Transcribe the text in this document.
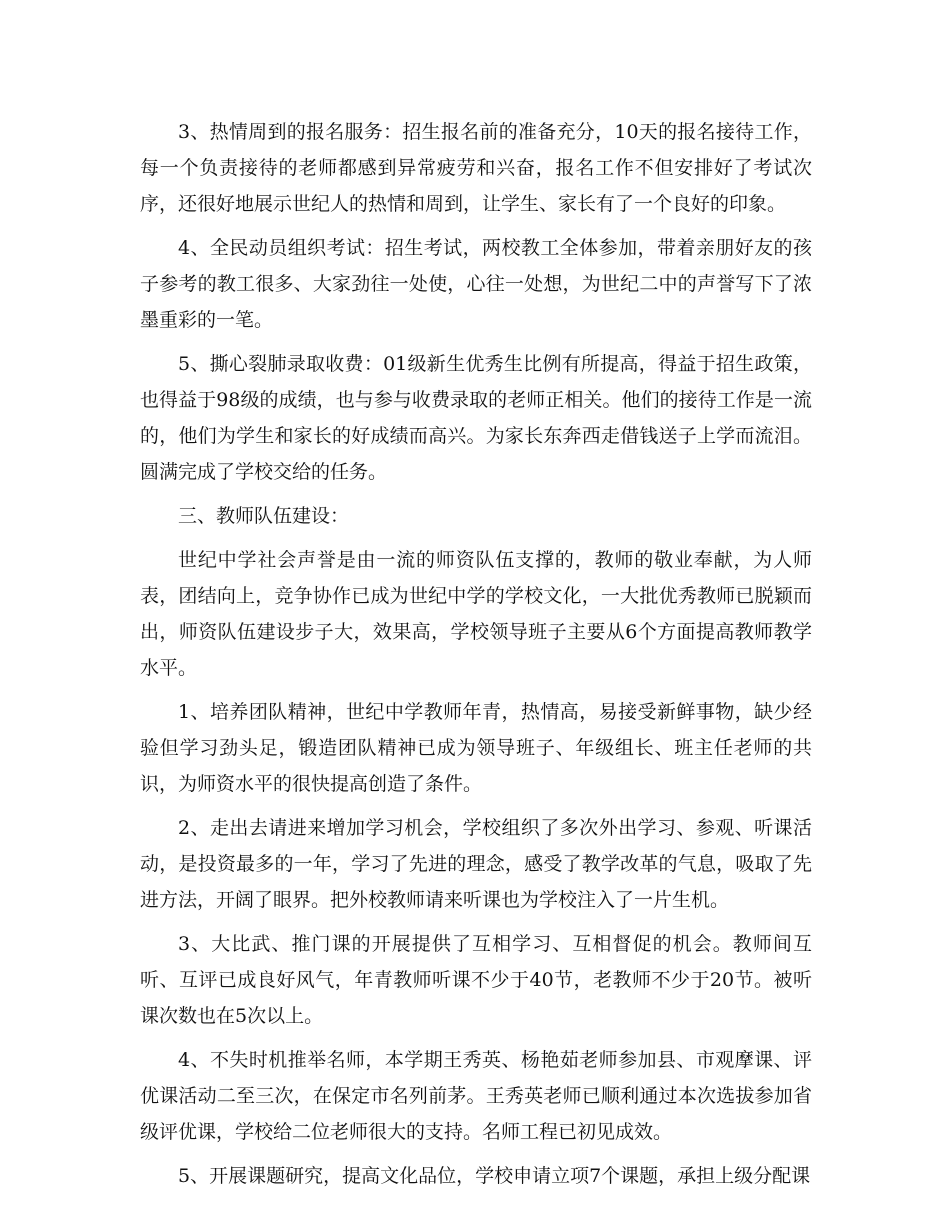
3、热情周到的报名服务：招生报名前的准备充分，10天的报名接待工作，每一个负责接待的老师都感到异常疲劳和兴奋，报名工作不但安排好了考试次序，还很好地展示世纪人的热情和周到，让学生、家长有了一个良好的印象。

4、全民动员组织考试：招生考试，两校教工全体参加，带着亲朋好友的孩子参考的教工很多、大家劲往一处使，心往一处想，为世纪二中的声誉写下了浓墨重彩的一笔。

5、撕心裂肺录取收费：01级新生优秀生比例有所提高，得益于招生政策，也得益于98级的成绩，也与参与收费录取的老师正相关。他们的接待工作是一流的，他们为学生和家长的好成绩而高兴。为家长东奔西走借钱送子上学而流泪。圆满完成了学校交给的任务。

三、教师队伍建设：

世纪中学社会声誉是由一流的师资队伍支撑的，教师的敬业奉献，为人师表，团结向上，竞争协作已成为世纪中学的学校文化，一大批优秀教师已脱颖而出，师资队伍建设步子大，效果高，学校领导班子主要从6个方面提高教师教学水平。

1、培养团队精神，世纪中学教师年青，热情高，易接受新鲜事物，缺少经验但学习劲头足，锻造团队精神已成为领导班子、年级组长、班主任老师的共识，为师资水平的很快提高创造了条件。

2、走出去请进来增加学习机会，学校组织了多次外出学习、参观、听课活动，是投资最多的一年，学习了先进的理念，感受了教学改革的气息，吸取了先进方法，开阔了眼界。把外校教师请来听课也为学校注入了一片生机。

3、大比武、推门课的开展提供了互相学习、互相督促的机会。教师间互听、互评已成良好风气，年青教师听课不少于40节，老教师不少于20节。被听课次数也在5次以上。

4、不失时机推举名师，本学期王秀英、杨艳茹老师参加县、市观摩课、评优课活动二至三次，在保定市名列前茅。王秀英老师已顺利通过本次选拔参加省级评优课，学校给二位老师很大的支持。名师工程已初见成效。

5、开展课题研究，提高文化品位，学校申请立项7个课题，承担上级分配课
